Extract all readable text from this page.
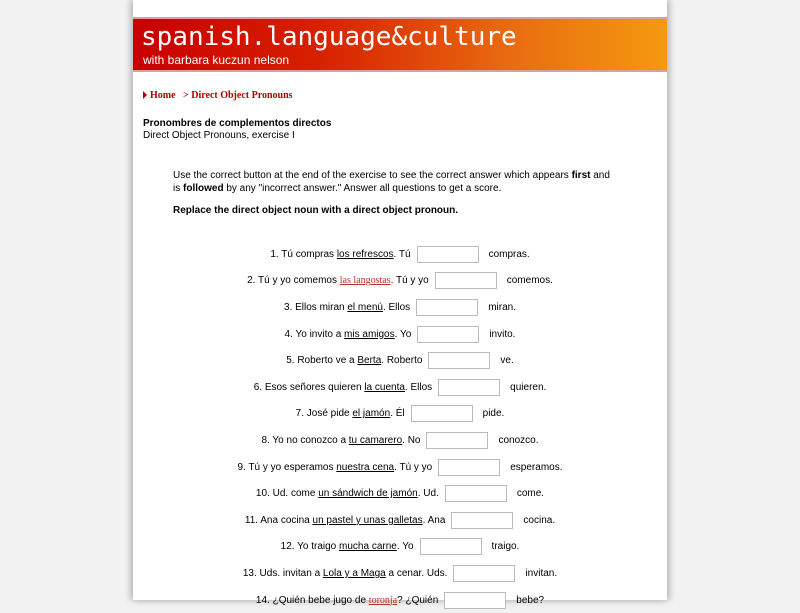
spanish.language&culture
with barbara kuczun nelson
Home > Direct Object Pronouns
Pronombres de complementos directos
Direct Object Pronouns, exercise I
Use the correct button at the end of the exercise to see the correct answer which appears first and is followed by any "incorrect answer." Answer all questions to get a score.
Replace the direct object noun with a direct object pronoun.
1. Tú compras los refrescos . Tú	compras.
2. Tú y yo comemos las langostas . Tú y yo	comemos.
3. Ellos miran el menú . Ellos	miran.
4. Yo invito a mis amigos . Yo	invito.
5. Roberto ve a Berta . Roberto	ve.
6. Esos señores quieren la cuenta . Ellos	quieren.
7. José pide el jamón . Él	pide.
8. Yo no conozco a tu camarero . No	conozco.
9. Tú y yo esperamos nuestra cena . Tú y yo	esperamos.
10. Ud. come un sándwich de jamón . Ud.	come.
11. Ana cocina un pastel y unas galletas . Ana	cocina.
12. Yo traigo mucha carne . Yo	traigo.
13. Uds. invitan a Lola y a Maga a cenar. Uds.	invitan.
14. ¿Quién bebe jugo de toronja ? ¿Quién	bebe?
